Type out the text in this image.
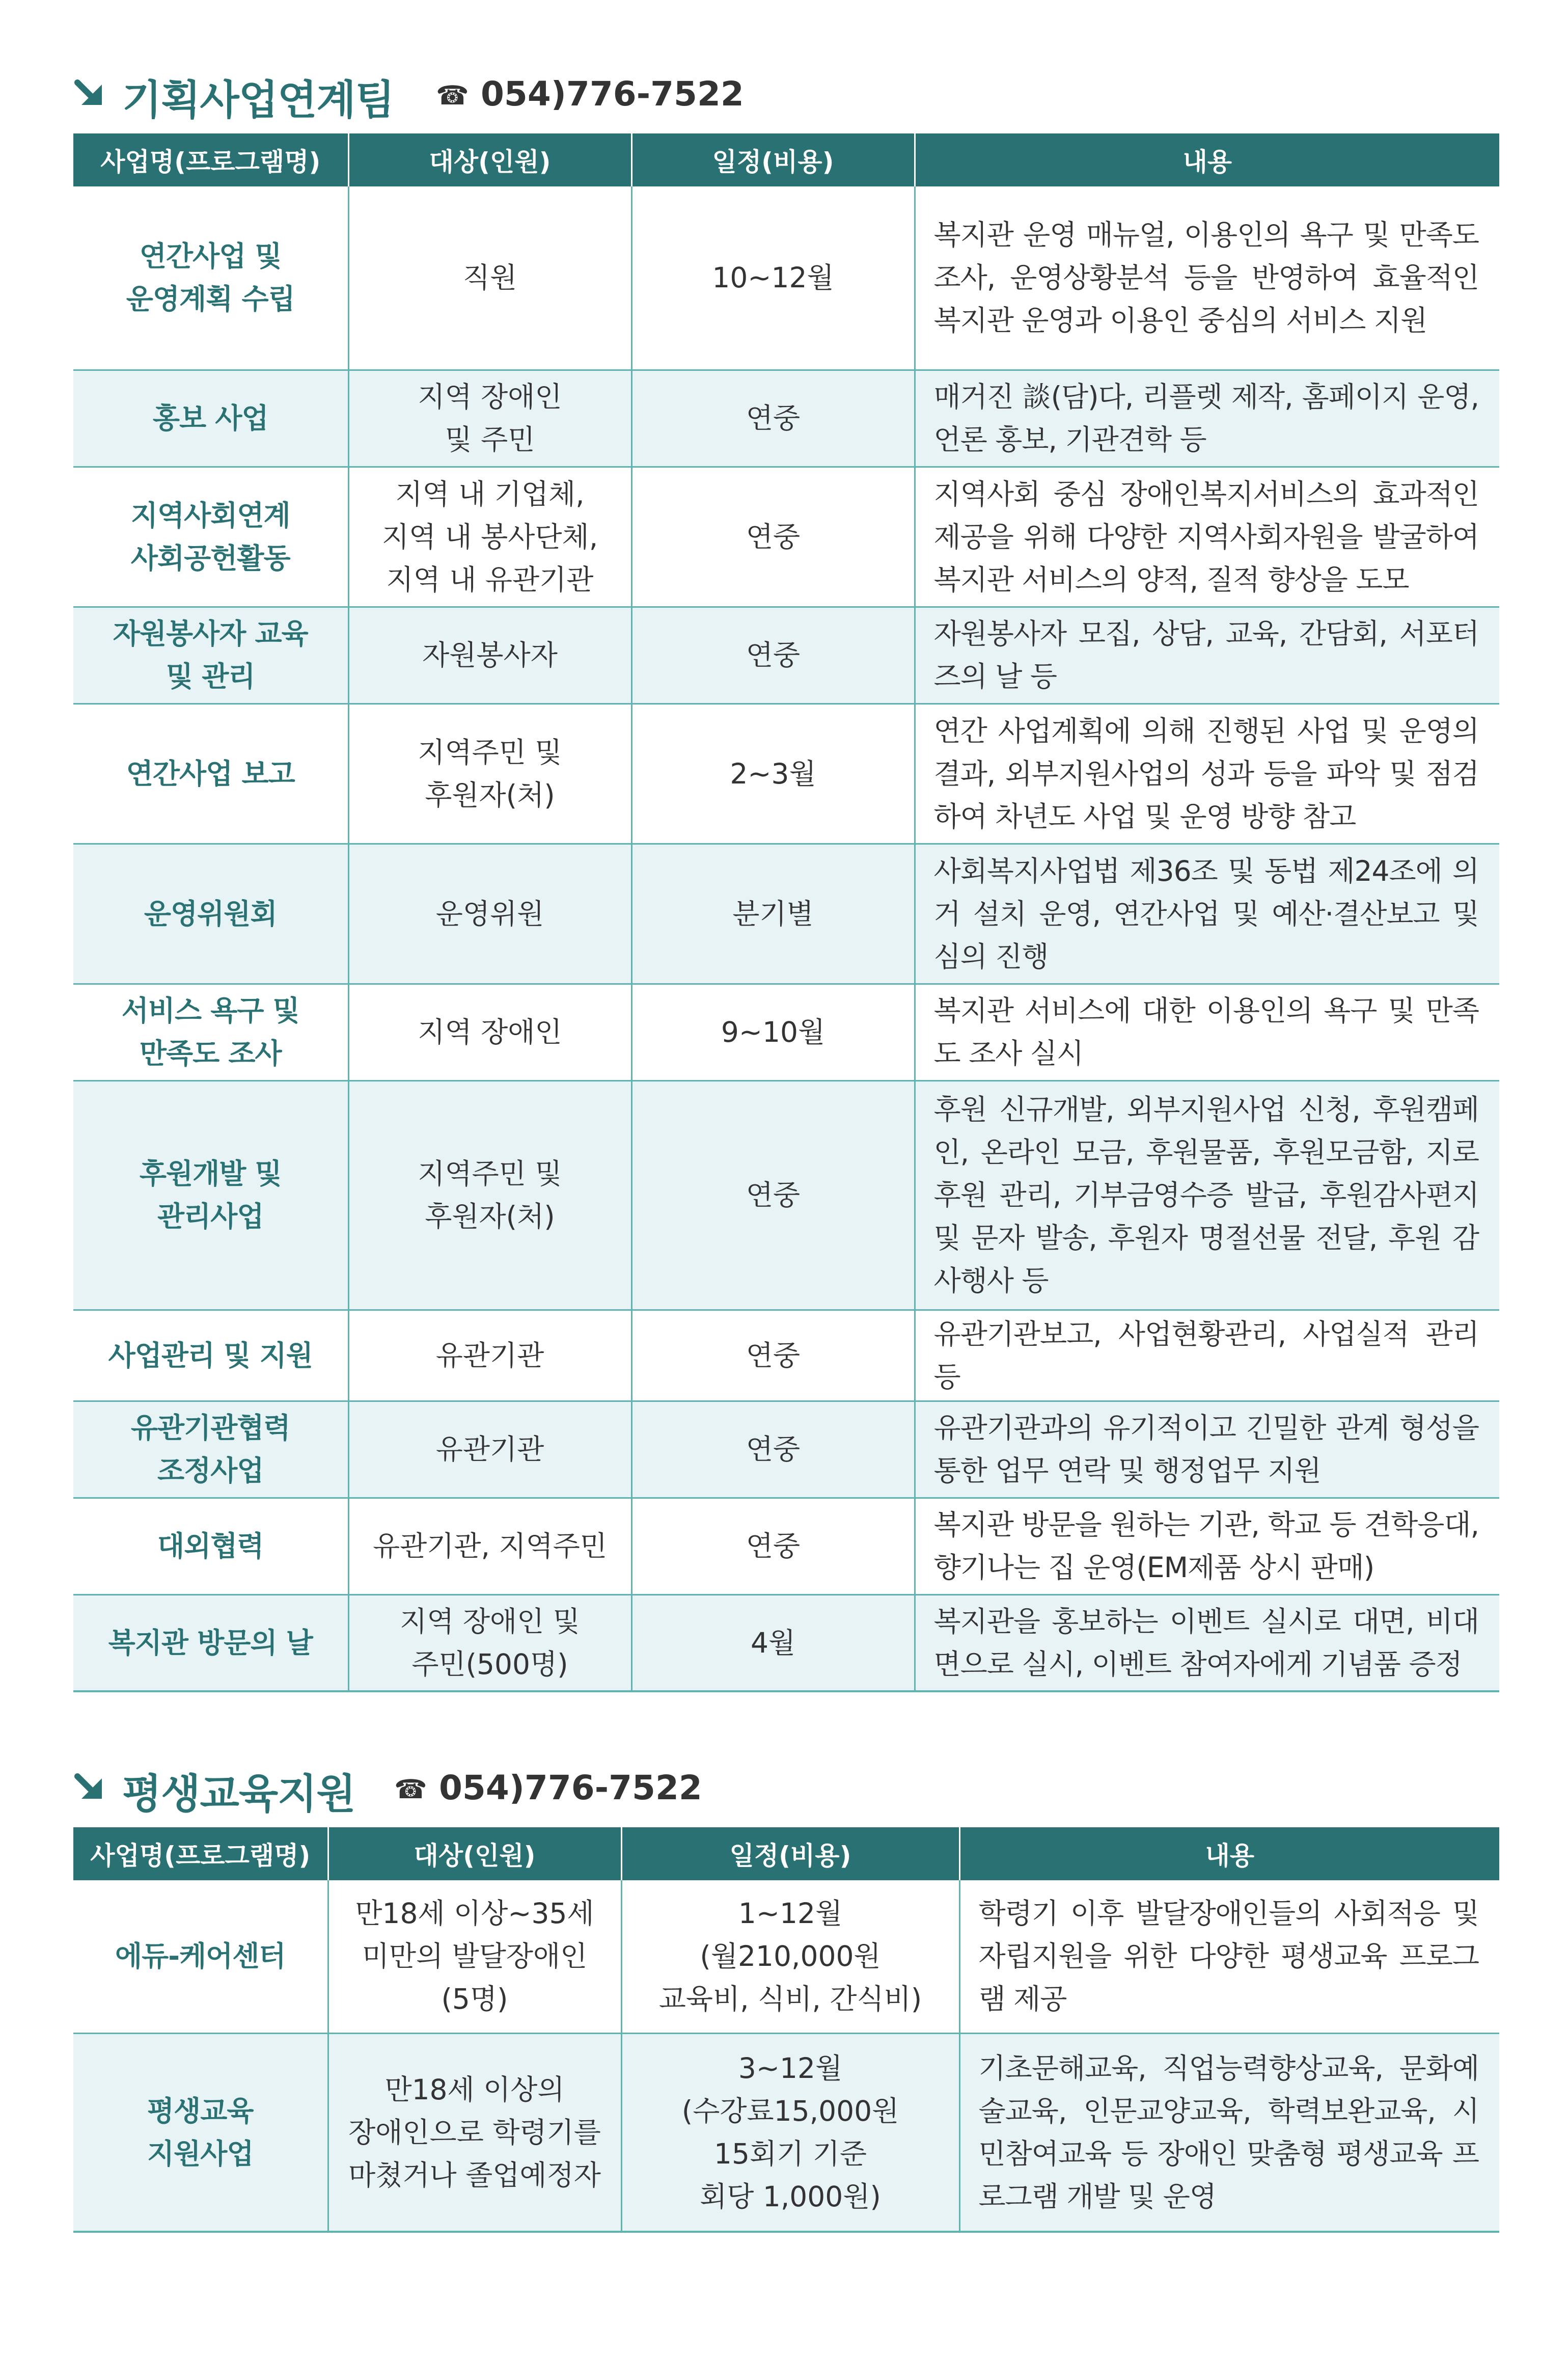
기획사업연계팀 ☎ 054)776-7522
사업명(프로그램명)	대상(인원)	일정(비용)	내용
연간사업 및
운영계획 수립	직원	10~12월	복지관 운영 매뉴얼, 이용인의 욕구 및 만족도 조사, 운영상황분석 등을 반영하여 효율적인 복지관 운영과 이용인 중심의 서비스 지원
홍보 사업	지역 장애인
및 주민	연중	매거진 談(담)다, 리플렛 제작, 홈페이지 운영, 언론 홍보, 기관견학 등
지역사회연계
사회공헌활동	지역 내 기업체,
지역 내 봉사단체,
지역 내 유관기관	연중	지역사회 중심 장애인복지서비스의 효과적인 제공을 위해 다양한 지역사회자원을 발굴하여 복지관 서비스의 양적, 질적 향상을 도모
자원봉사자 교육
및 관리	자원봉사자	연중	자원봉사자 모집, 상담, 교육, 간담회, 서포터즈의 날 등
연간사업 보고	지역주민 및
후원자(처)	2~3월	연간 사업계획에 의해 진행된 사업 및 운영의 결과, 외부지원사업의 성과 등을 파악 및 점검하여 차년도 사업 및 운영 방향 참고
운영위원회	운영위원	분기별	사회복지사업법 제36조 및 동법 제24조에 의거 설치 운영, 연간사업 및 예산·결산보고 및 심의 진행
서비스 욕구 및
만족도 조사	지역 장애인	9~10월	복지관 서비스에 대한 이용인의 욕구 및 만족도 조사 실시
후원개발 및
관리사업	지역주민 및
후원자(처)	연중	후원 신규개발, 외부지원사업 신청, 후원캠페인, 온라인 모금, 후원물품, 후원모금함, 지로후원 관리, 기부금영수증 발급, 후원감사편지 및 문자 발송, 후원자 명절선물 전달, 후원 감사행사 등
사업관리 및 지원	유관기관	연중	유관기관보고, 사업현황관리, 사업실적 관리 등
유관기관협력
조정사업	유관기관	연중	유관기관과의 유기적이고 긴밀한 관계 형성을 통한 업무 연락 및 행정업무 지원
대외협력	유관기관, 지역주민	연중	복지관 방문을 원하는 기관, 학교 등 견학응대, 향기나는 집 운영(EM제품 상시 판매)
복지관 방문의 날	지역 장애인 및
주민(500명)	4월	복지관을 홍보하는 이벤트 실시로 대면, 비대면으로 실시, 이벤트 참여자에게 기념품 증정
평생교육지원 ☎ 054)776-7522
사업명(프로그램명)	대상(인원)	일정(비용)	내용
에듀-케어센터	만18세 이상~35세
미만의 발달장애인
(5명)	1~12월
(월210,000원
교육비, 식비, 간식비)	학령기 이후 발달장애인들의 사회적응 및 자립지원을 위한 다양한 평생교육 프로그램 제공
평생교육
지원사업	만18세 이상의
장애인으로 학령기를
마쳤거나 졸업예정자	3~12월
(수강료15,000원
15회기 기준
회당 1,000원)	기초문해교육, 직업능력향상교육, 문화예술교육, 인문교양교육, 학력보완교육, 시민참여교육 등 장애인 맞춤형 평생교육 프로그램 개발 및 운영
